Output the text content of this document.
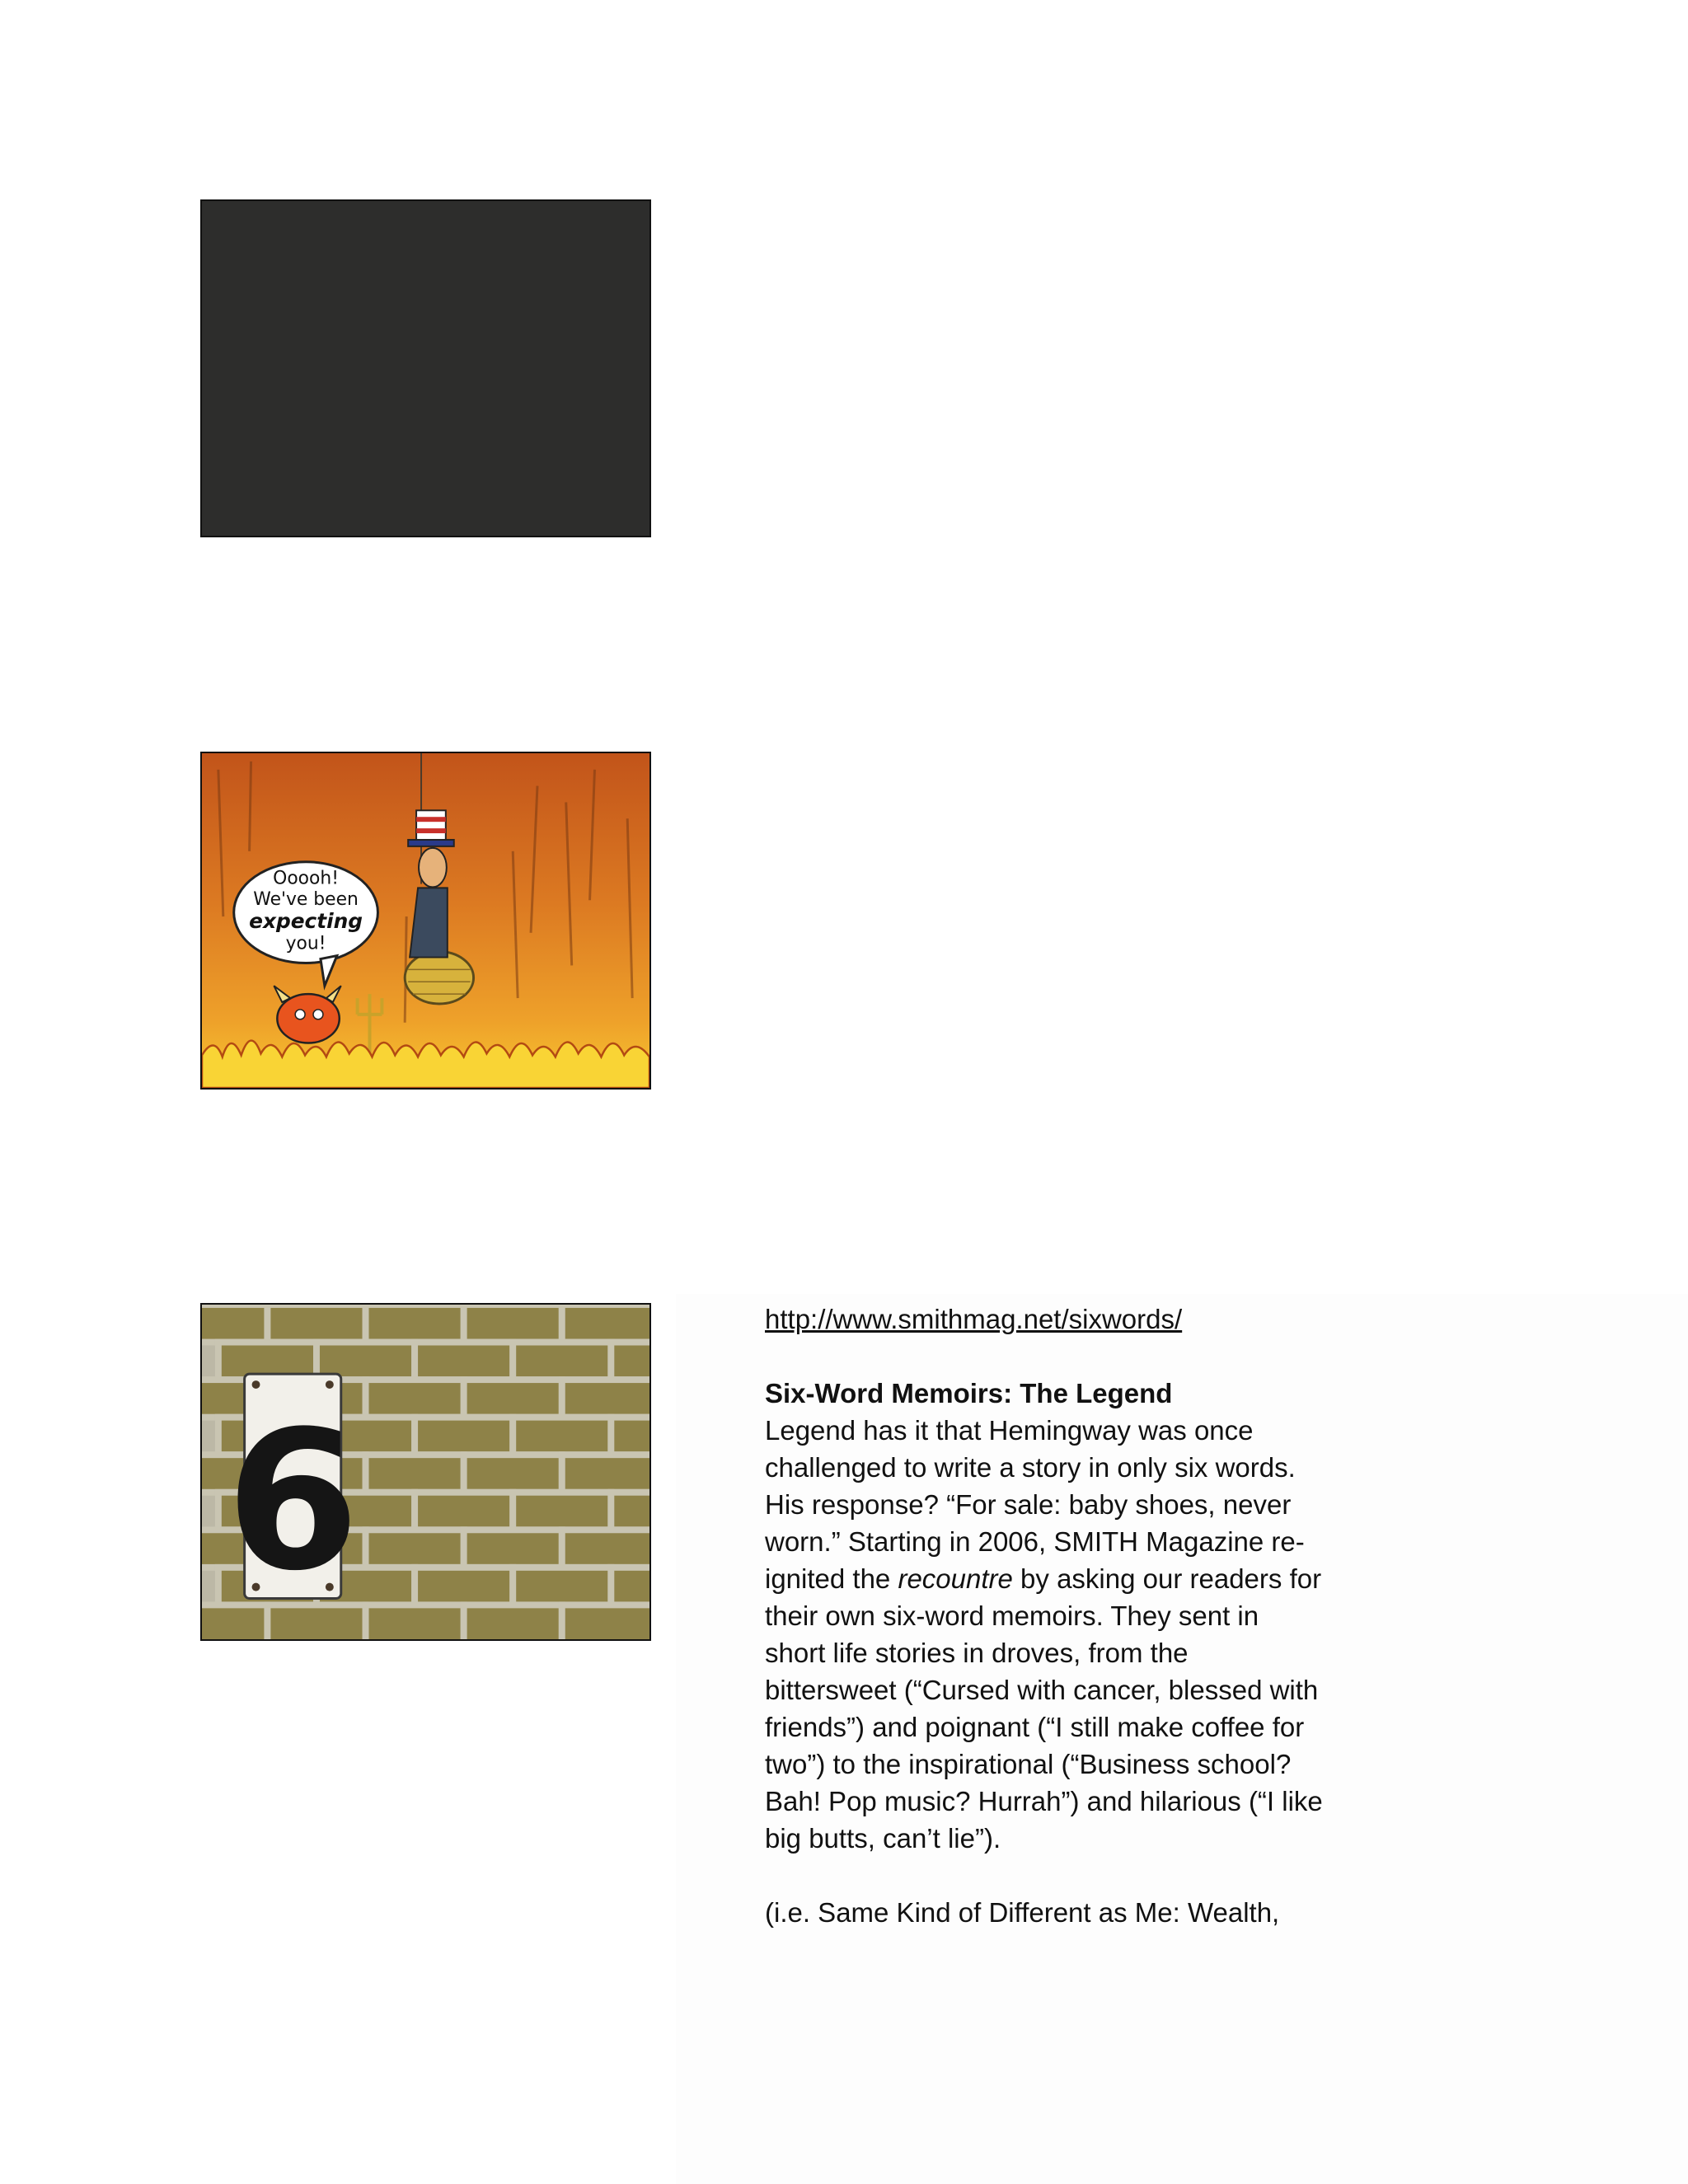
Ooooh!
We've been
expecting
you!
6
http://www.smithmag.net/sixwords/
Six-Word Memoirs: The Legend
Legend has it that Hemingway was once challenged to write a story in only six words. His response? “For sale: baby shoes, never worn.” Starting in 2006, SMITH Magazine re-ignited the recountre by asking our readers for their own six-word memoirs. They sent in short life stories in droves, from the bittersweet (“Cursed with cancer, blessed with friends”) and poignant (“I still make coffee for two”) to the inspirational (“Business school? Bah! Pop music? Hurrah”) and hilarious (“I like big butts, can’t lie”).
(i.e. Same Kind of Different as Me: Wealth,
